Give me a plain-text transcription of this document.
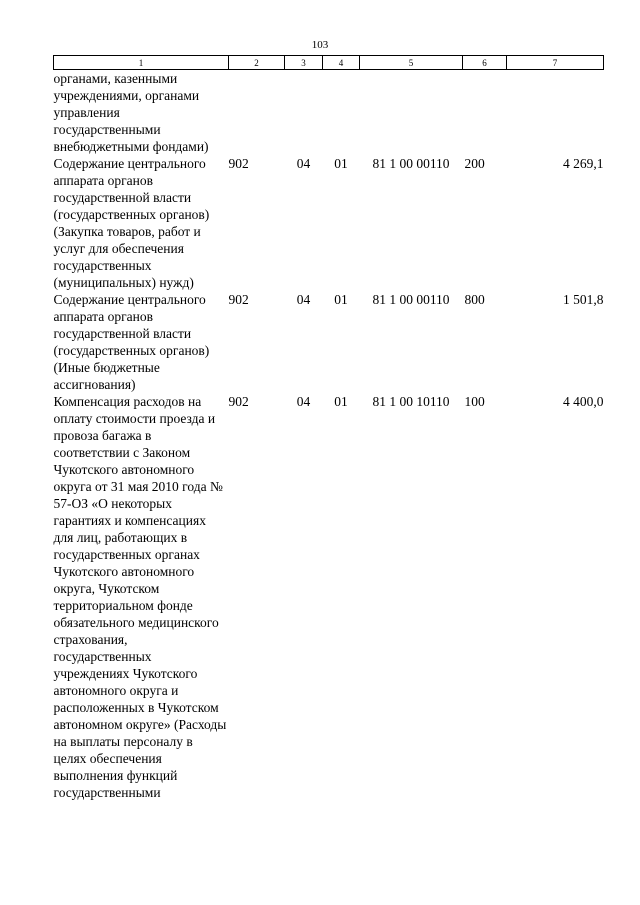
103
1	2	3	4	5	6	7
органами, казенными учреждениями, органами управления государственными внебюджетными фондами)						
Содержание центрального аппарата органов государственной власти (государственных органов) (Закупка товаров, работ и услуг для обеспечения государственных (муниципальных) нужд)	902	04	01	81 1 00 00110	200	4 269,1
Содержание центрального аппарата органов государственной власти (государственных органов) (Иные бюджетные ассигнования)	902	04	01	81 1 00 00110	800	1 501,8
Компенсация расходов на оплату стоимости проезда и провоза багажа в соответствии с Законом Чукотского автономного округа от 31 мая 2010 года № 57-ОЗ «О некоторых гарантиях и компенсациях для лиц, работающих в государственных органах Чукотского автономного округа, Чукотском территориальном фонде обязательного медицинского страхования, государственных учреждениях Чукотского автономного округа и расположенных в Чукотском автономном округе» (Расходы на выплаты персоналу в целях обеспечения выполнения функций государственными	902	04	01	81 1 00 10110	100	4 400,0
